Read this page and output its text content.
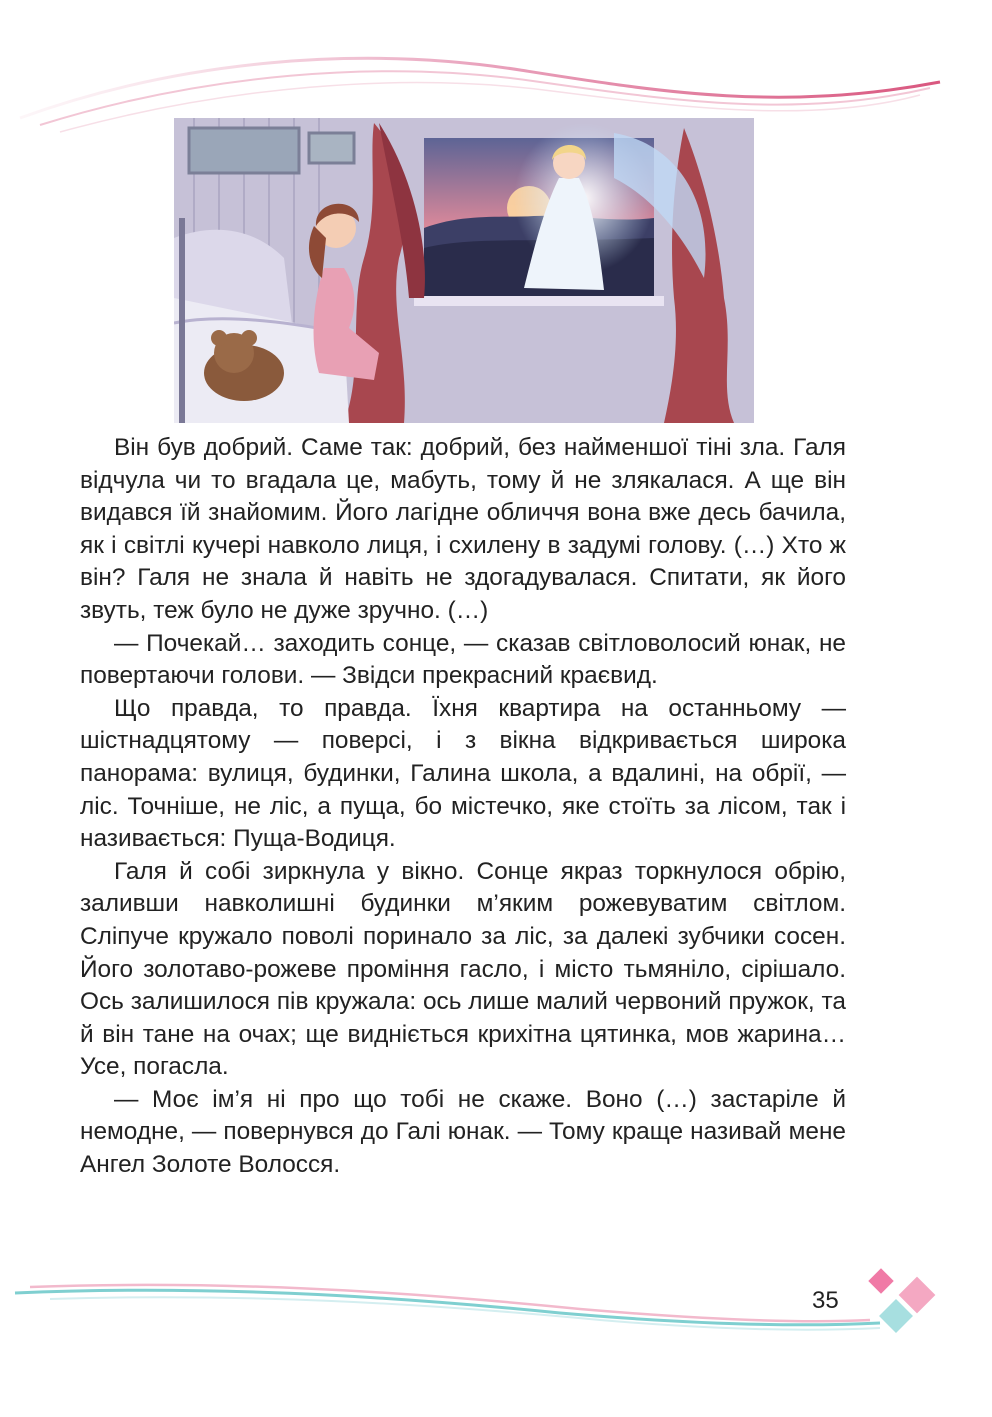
Він був добрий. Саме так: добрий, без найменшої тіні зла. Галя відчула чи то вгадала це, мабуть, тому й не злякалася. А ще він видався їй знайомим. Його лагідне обличчя вона вже десь бачила, як і світлі кучері навколо лиця, і схилену в задумі голову. (…) Хто ж він? Галя не знала й навіть не здогадувалася. Спитати, як його звуть, теж було не дуже зручно. (…)

— Почекай… заходить сонце, — сказав світловолосий юнак, не повертаючи голови. — Звідси прекрасний краєвид.

Що правда, то правда. Їхня квартира на останньому — шістнадцятому — поверсі, і з вікна відкривається широка панорама: вулиця, будинки, Галина школа, а вдалині, на обрії, — ліс. Точніше, не ліс, а пуща, бо містечко, яке стоїть за лісом, так і називається: Пуща-Водиця.

Галя й собі зиркнула у вікно. Сонце якраз торкнулося обрію, заливши навколишні будинки м’яким рожевуватим світлом. Сліпуче кружало поволі поринало за ліс, за далекі зубчики сосен. Його золотаво-рожеве проміння гасло, і місто тьмяніло, сірішало. Ось залишилося пів кружала: ось лише малий червоний пружок, та й він тане на очах; ще видніється крихітна цятинка, мов жарина… Усе, погасла.

— Моє ім’я ні про що тобі не скаже. Воно (…) застаріле й немодне, — повернувся до Галі юнак. — Тому краще називай мене Ангел Золоте Волосся.

35
